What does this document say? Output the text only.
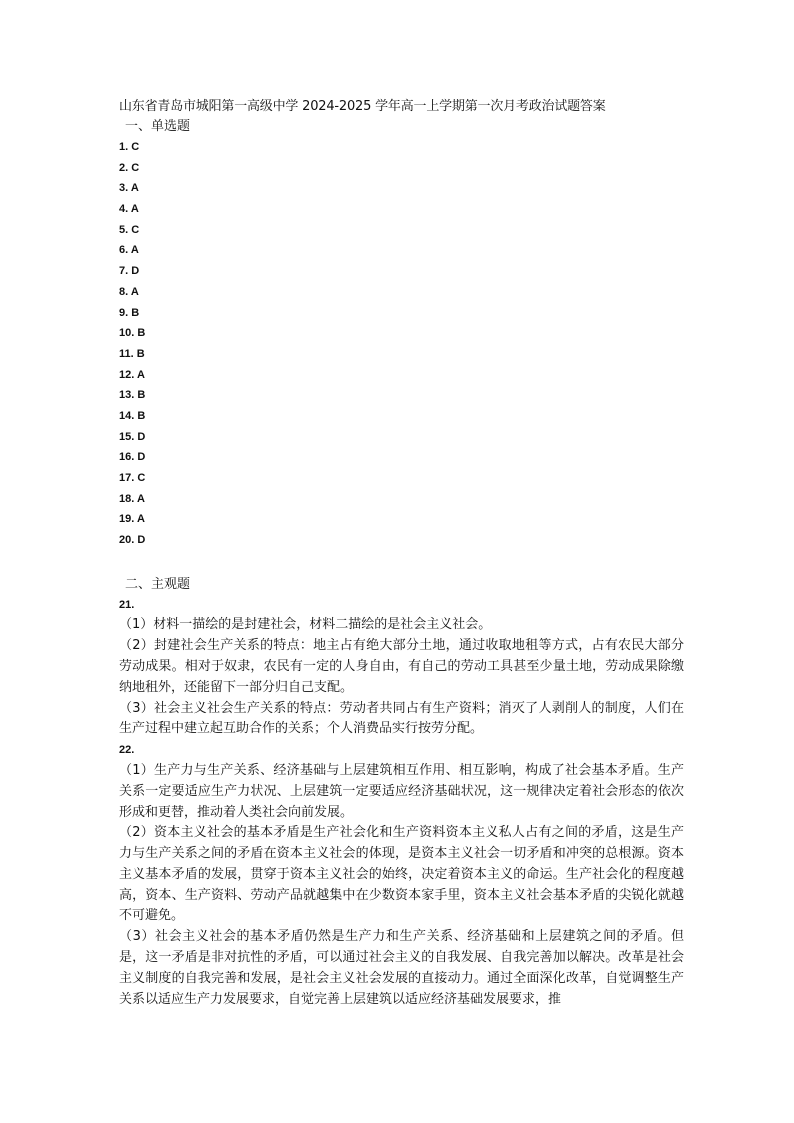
山东省青岛市城阳第一高级中学 2024-2025 学年高一上学期第一次月考政治试题答案
一、单选题
1. C
2. C
3. A
4. A
5. C
6. A
7. D
8. A
9. B
10. B
11. B
12. A
13. B
14. B
15. D
16. D
17. C
18. A
19. A
20. D
二、主观题
21.

（1）材料一描绘的是封建社会，材料二描绘的是社会主义社会。

（2）封建社会生产关系的特点：地主占有绝大部分土地，通过收取地租等方式，占有农民大部分劳动成果。相对于奴隶，农民有一定的人身自由，有自己的劳动工具甚至少量土地，劳动成果除缴纳地租外，还能留下一部分归自己支配。

（3）社会主义社会生产关系的特点：劳动者共同占有生产资料；消灭了人剥削人的制度，人们在生产过程中建立起互助合作的关系；个人消费品实行按劳分配。

22.

（1）生产力与生产关系、经济基础与上层建筑相互作用、相互影响，构成了社会基本矛盾。生产关系一定要适应生产力状况、上层建筑一定要适应经济基础状况，这一规律决定着社会形态的依次形成和更替，推动着人类社会向前发展。

（2）资本主义社会的基本矛盾是生产社会化和生产资料资本主义私人占有之间的矛盾，这是生产力与生产关系之间的矛盾在资本主义社会的体现，是资本主义社会一切矛盾和冲突的总根源。资本主义基本矛盾的发展，贯穿于资本主义社会的始终，决定着资本主义的命运。生产社会化的程度越高，资本、生产资料、劳动产品就越集中在少数资本家手里，资本主义社会基本矛盾的尖锐化就越不可避免。

（3）社会主义社会的基本矛盾仍然是生产力和生产关系、经济基础和上层建筑之间的矛盾。但是，这一矛盾是非对抗性的矛盾，可以通过社会主义的自我发展、自我完善加以解决。改革是社会主义制度的自我完善和发展，是社会主义社会发展的直接动力。通过全面深化改革，自觉调整生产关系以适应生产力发展要求，自觉完善上层建筑以适应经济基础发展要求，推
